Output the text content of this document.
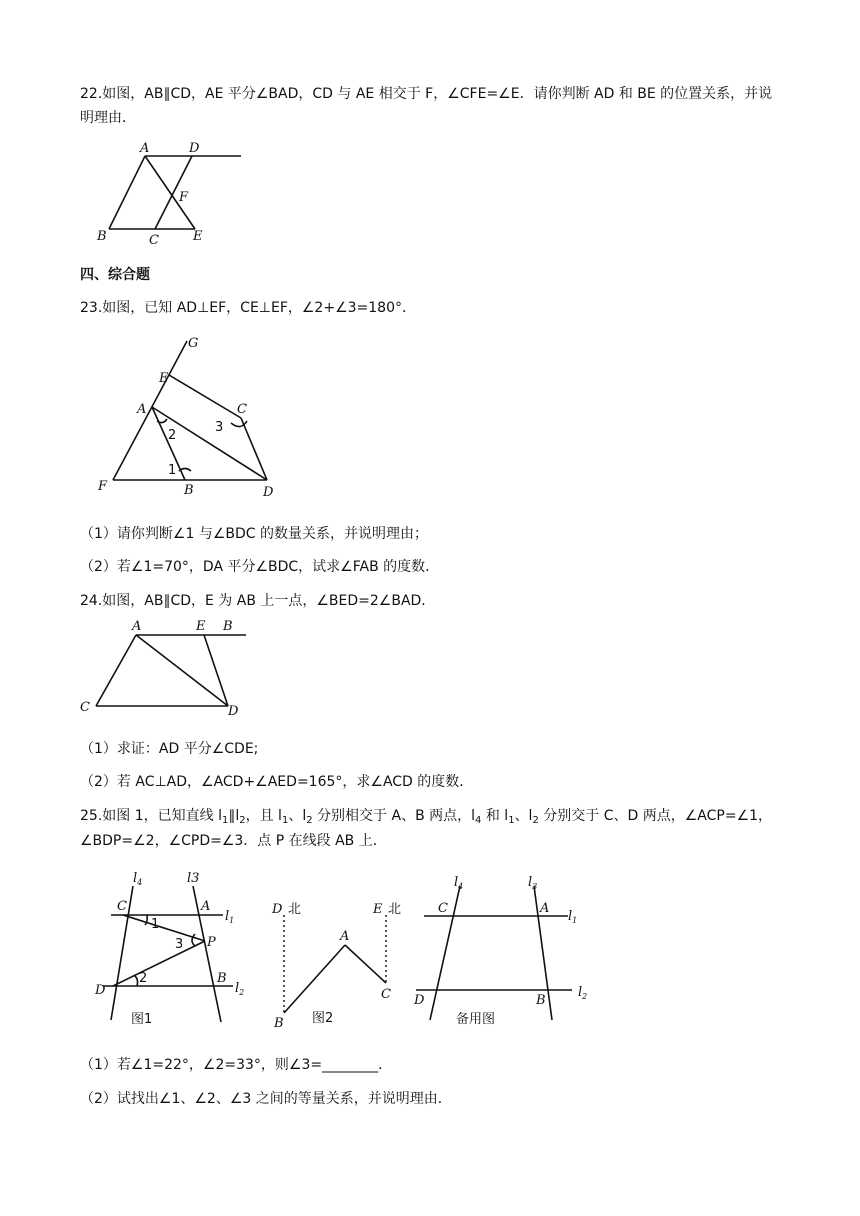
22.如图，AB∥CD，AE 平分∠BAD，CD 与 AE 相交于 F，∠CFE=∠E．请你判断 AD 和 BE 的位置关系，并说明理由．
A	D
F
B	C	E
四、综合题
23.如图，已知 AD⊥EF，CE⊥EF，∠2+∠3=180°．
G
E
A	C
3
2
1
F	B	D
（1）请你判断∠1 与∠BDC 的数量关系，并说明理由；
（2）若∠1=70°，DA 平分∠BDC，试求∠FAB 的度数．
24.如图，AB∥CD，E 为 AB 上一点，∠BED=2∠BAD．
A	E B
C	D
（1）求证：AD 平分∠CDE;
（2）若 AC⊥AD，∠ACD+∠AED=165°，求∠ACD 的度数．
25.如图 1，已知直线 $l_1\parallel l_2$，且 $l_1$、$l_2$ 分别相交于 A、B 两点，$l_4$ 和 $l_1$、$l_2$ 分别交于 C、D 两点，∠ACP=∠1，
∠BDP=∠2，∠CPD=∠3．点 P 在线段 AB 上．
$l_4$	l3
C	A
$l_1$
1
3 P
2	B
D	$l_2$
图1
D 北	E 北
A
C
B 图2
$l_4$	$l_3$
C	A
$l_1$
D	B
$l_2$
备用图
（1）若∠1=22°，∠2=33°，则∠3=________．
（2）试找出∠1、∠2、∠3 之间的等量关系，并说明理由．
